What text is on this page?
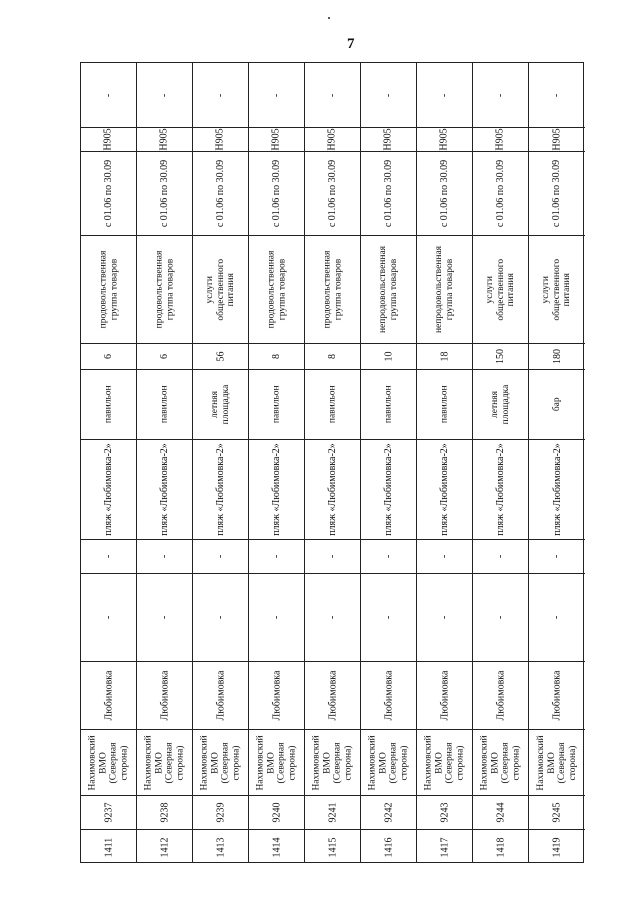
7
-
Н905
с 01.06 по 30.09
продовольственная группа товаров
6
павильон
пляж «Любимовка-2»
-
-
Любимовка
Нахимовский ВМО (Северная сторона)
9237
1411
-
Н905
с 01.06 по 30.09
продовольственная группа товаров
6
павильон
пляж «Любимовка-2»
-
-
Любимовка
Нахимовский ВМО (Северная сторона)
9238
1412
-
Н905
с 01.06 по 30.09
услуги общественного питания
56
летняя площадка
пляж «Любимовка-2»
-
-
Любимовка
Нахимовский ВМО (Северная сторона)
9239
1413
-
Н905
с 01.06 по 30.09
продовольственная группа товаров
8
павильон
пляж «Любимовка-2»
-
-
Любимовка
Нахимовский ВМО (Северная сторона)
9240
1414
-
Н905
с 01.06 по 30.09
продовольственная группа товаров
8
павильон
пляж «Любимовка-2»
-
-
Любимовка
Нахимовский ВМО (Северная сторона)
9241
1415
-
Н905
с 01.06 по 30.09
непродовольственная группа товаров
10
павильон
пляж «Любимовка-2»
-
-
Любимовка
Нахимовский ВМО (Северная сторона)
9242
1416
-
Н905
с 01.06 по 30.09
непродовольственная группа товаров
18
павильон
пляж «Любимовка-2»
-
-
Любимовка
Нахимовский ВМО (Северная сторона)
9243
1417
-
Н905
с 01.06 по 30.09
услуги общественного питания
150
летняя площадка
пляж «Любимовка-2»
-
-
Любимовка
Нахимовский ВМО (Северная сторона)
9244
1418
-
Н905
с 01.06 по 30.09
услуги общественного питания
180
бар
пляж «Любимовка-2»
-
-
Любимовка
Нахимовский ВМО (Северная сторона)
9245
1419
